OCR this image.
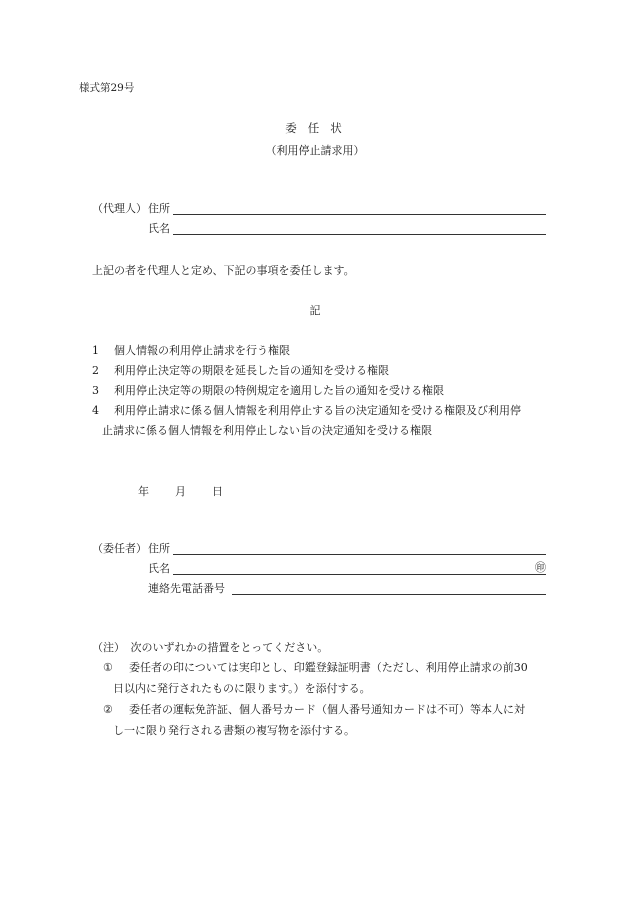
様式第29号
委任状
（利用停止請求用）
（代理人） 住所
氏名
上記の者を代理人と定め、下記の事項を委任します。
記
1 個人情報の利用停止請求を行う権限
2 利用停止決定等の期限を延長した旨の通知を受ける権限
3 利用停止決定等の期限の特例規定を適用した旨の通知を受ける権限
4 利用停止請求に係る個人情報を利用停止する旨の決定通知を受ける権限及び利用停
止請求に係る個人情報を利用停止しない旨の決定通知を受ける権限
年 月 日
（委任者） 住所
氏名	㊞
連絡先電話番号
（注）　次のいずれかの措置をとってください。
① 委任者の印については実印とし、印鑑登録証明書（ただし、利用停止請求の前30
日以内に発行されたものに限ります。）を添付する。
② 委任者の運転免許証、個人番号カード（個人番号通知カードは不可）等本人に対
し一に限り発行される書類の複写物を添付する。
